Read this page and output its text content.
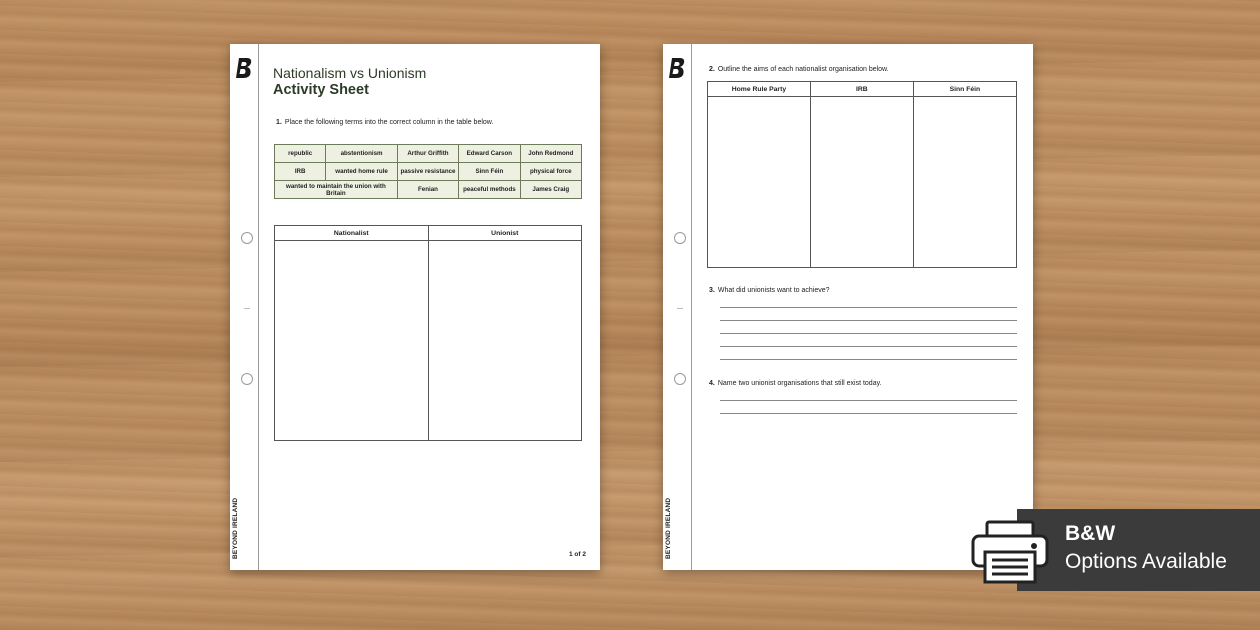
BEYOND IRELAND
Nationalism vs Unionism
Activity Sheet
1. Place the following terms into the correct column in the table below.
republic	abstentionism	Arthur Griffith	Edward Carson	John Redmond
IRB	wanted home rule	passive resistance	Sinn Féin	physical force
wanted to maintain the union with Britain		Fenian	peaceful methods	James Craig
Nationalist	Unionist

1 of 2	BEYOND IRELAND
2. Outline the aims of each nationalist organisation below.
Home Rule Party	IRB	Sinn Féin

3. What did unionists want to achieve?
4. Name two unionist organisations that still exist today.
B&W
Options Available
